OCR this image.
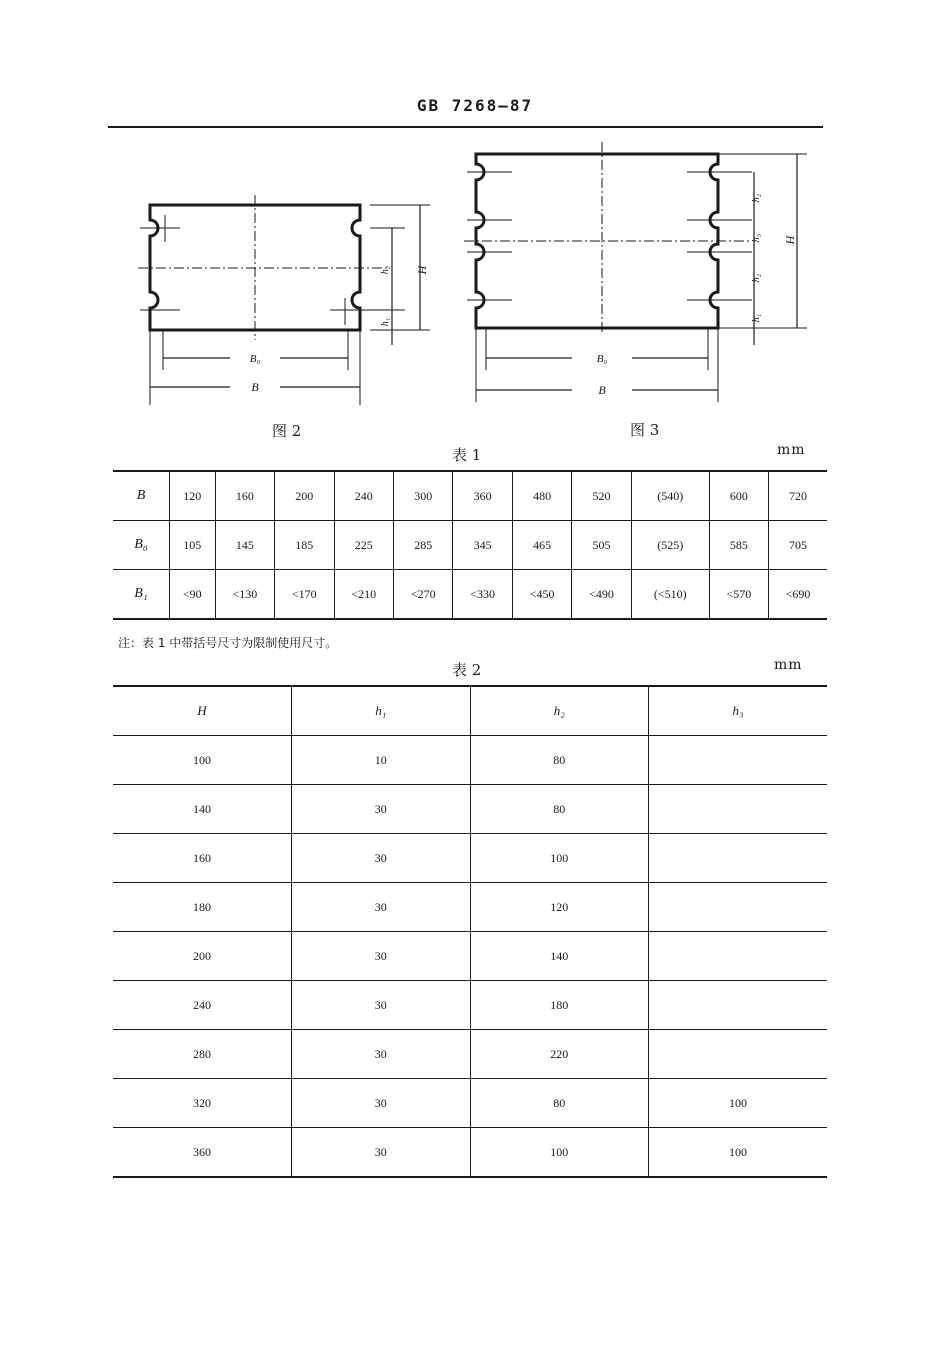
GB 7268—87
B₀
B
H
h₂
h₁
图 2
B₀
B
H
h₂
h₃
h₂
h₁
图 3
表 1	mm
B	120	160	200	240	300	360	480	520	(540)	600	720
B₀	105	145	185	225	285	345	465	505	(525)	585	705
B₁	<90	<130	<170	<210	<270	<330	<450	<490	(<510)	<570	<690
注：表 1 中带括号尺寸为限制使用尺寸。
表 2	mm
H	h₁	h₂	h₃
100	10	80	
140	30	80	
160	30	100	
180	30	120	
200	30	140	
240	30	180	
280	30	220	
320	30	80	100
360	30	100	100
